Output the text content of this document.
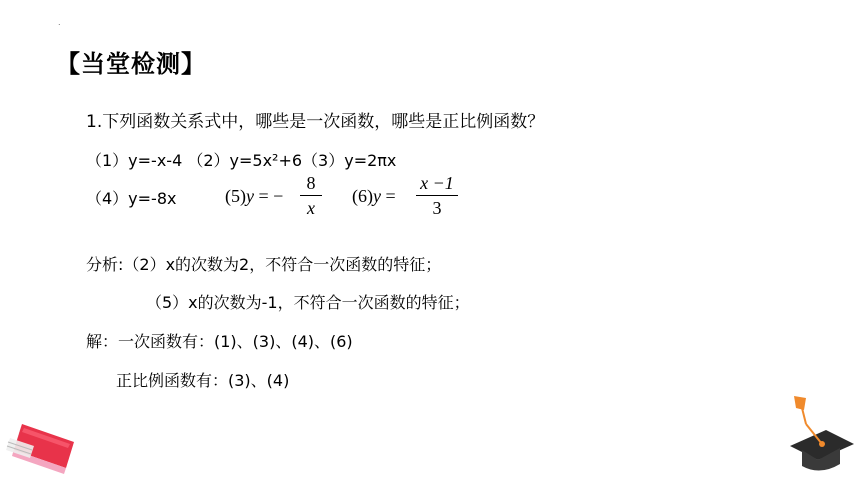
.
【当堂检测】
1.下列函数关系式中，哪些是一次函数，哪些是正比例函数？
（1）y=-x-4 （2）y=5x²+6（3）y=2πx
（4）y=-8x	(5)y = −
8
x
(6)y =
x −1
3
分析:（2）x的次数为2，不符合一次函数的特征；
（5）x的次数为-1，不符合一次函数的特征；
解：一次函数有：(1)、(3)、(4)、(6)
正比例函数有：(3)、(4)
